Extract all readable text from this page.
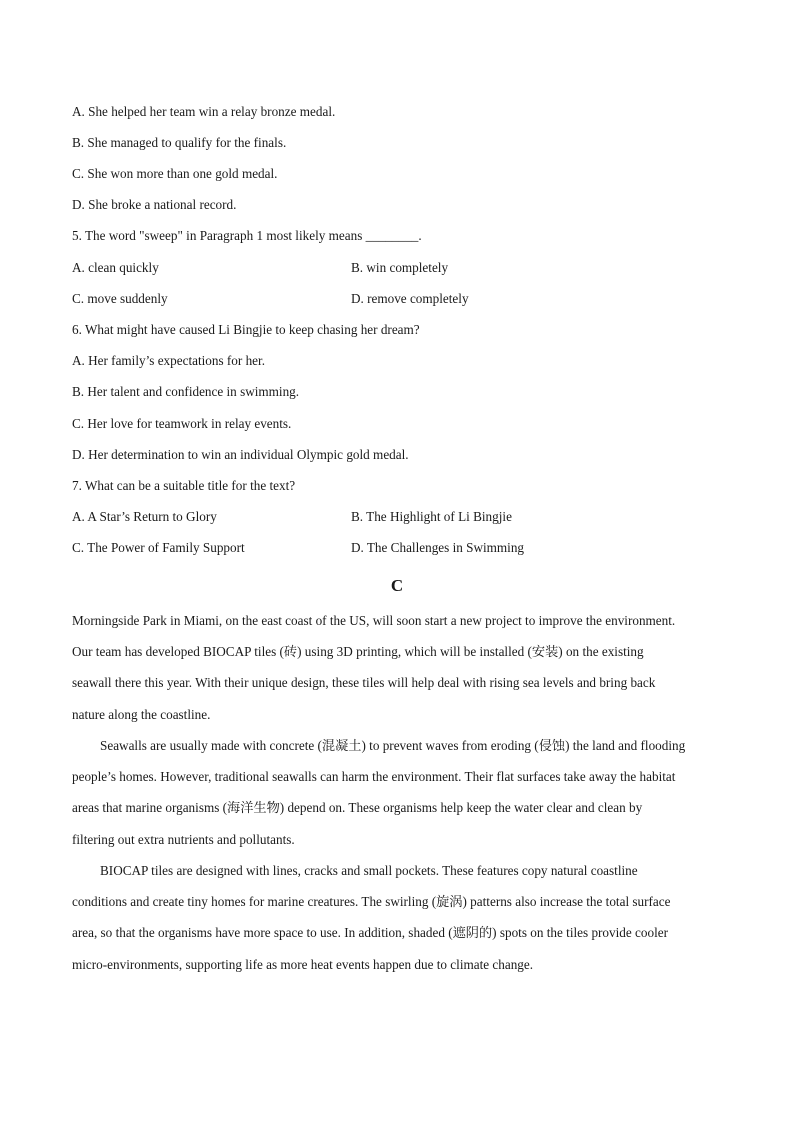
A. She helped her team win a relay bronze medal.
B. She managed to qualify for the finals.
C. She won more than one gold medal.
D. She broke a national record.
5. The word "sweep" in Paragraph 1 most likely means ________.
A. clean quickly	B. win completely
C. move suddenly	D. remove completely
6. What might have caused Li Bingjie to keep chasing her dream?
A. Her family’s expectations for her.
B. Her talent and confidence in swimming.
C. Her love for teamwork in relay events.
D. Her determination to win an individual Olympic gold medal.
7. What can be a suitable title for the text?
A. A Star’s Return to Glory	B. The Highlight of Li Bingjie
C. The Power of Family Support	D. The Challenges in Swimming
C
Morningside Park in Miami, on the east coast of the US, will soon start a new project to improve the environment.
Our team has developed BIOCAP tiles (砖) using 3D printing, which will be installed (安装) on the existing
seawall there this year. With their unique design, these tiles will help deal with rising sea levels and bring back
nature along the coastline.
Seawalls are usually made with concrete (混凝土) to prevent waves from eroding (侵蚀) the land and flooding
people’s homes. However, traditional seawalls can harm the environment. Their flat surfaces take away the habitat
areas that marine organisms (海洋生物) depend on. These organisms help keep the water clear and clean by
filtering out extra nutrients and pollutants.
BIOCAP tiles are designed with lines, cracks and small pockets. These features copy natural coastline
conditions and create tiny homes for marine creatures. The swirling (旋涡) patterns also increase the total surface
area, so that the organisms have more space to use. In addition, shaded (遮阴的) spots on the tiles provide cooler
micro-environments, supporting life as more heat events happen due to climate change.
